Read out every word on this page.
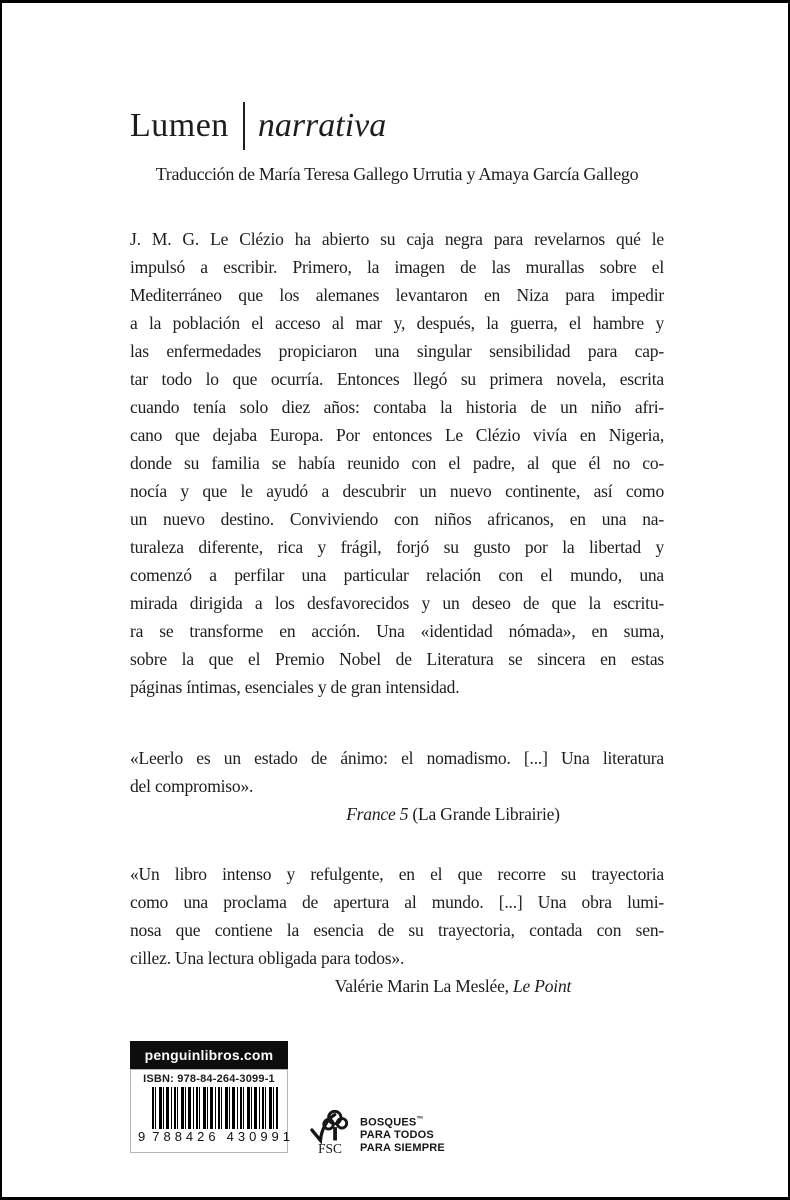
Lumen narrativa
Traducción de María Teresa Gallego Urrutia y Amaya García Gallego
J. M. G. Le Clézio ha abierto su caja negra para revelarnos qué le
impulsó a escribir. Primero, la imagen de las murallas sobre el
Mediterráneo que los alemanes levantaron en Niza para impedir
a la población el acceso al mar y, después, la guerra, el hambre y
las enfermedades propiciaron una singular sensibilidad para cap-
tar todo lo que ocurría. Entonces llegó su primera novela, escrita
cuando tenía solo diez años: contaba la historia de un niño afri-
cano que dejaba Europa. Por entonces Le Clézio vivía en Nigeria,
donde su familia se había reunido con el padre, al que él no co-
nocía y que le ayudó a descubrir un nuevo continente, así como
un nuevo destino. Conviviendo con niños africanos, en una na-
turaleza diferente, rica y frágil, forjó su gusto por la libertad y
comenzó a perfilar una particular relación con el mundo, una
mirada dirigida a los desfavorecidos y un deseo de que la escritu-
ra se transforme en acción. Una «identidad nómada», en suma,
sobre la que el Premio Nobel de Literatura se sincera en estas
páginas íntimas, esenciales y de gran intensidad.
«Leerlo es un estado de ánimo: el nomadismo. [...] Una literatura
del compromiso».
France 5 (La Grande Librairie)
«Un libro intenso y refulgente, en el que recorre su trayectoria
como una proclama de apertura al mundo. [...] Una obra lumi-
nosa que contiene la esencia de su trayectoria, contada con sen-
cillez. Una lectura obligada para todos».
Valérie Marin La Meslée, Le Point
penguinlibros.com
ISBN: 978-84-264-3099-1
9 788426 430991
FSC
BOSQUES™
PARA TODOS
PARA SIEMPRE
